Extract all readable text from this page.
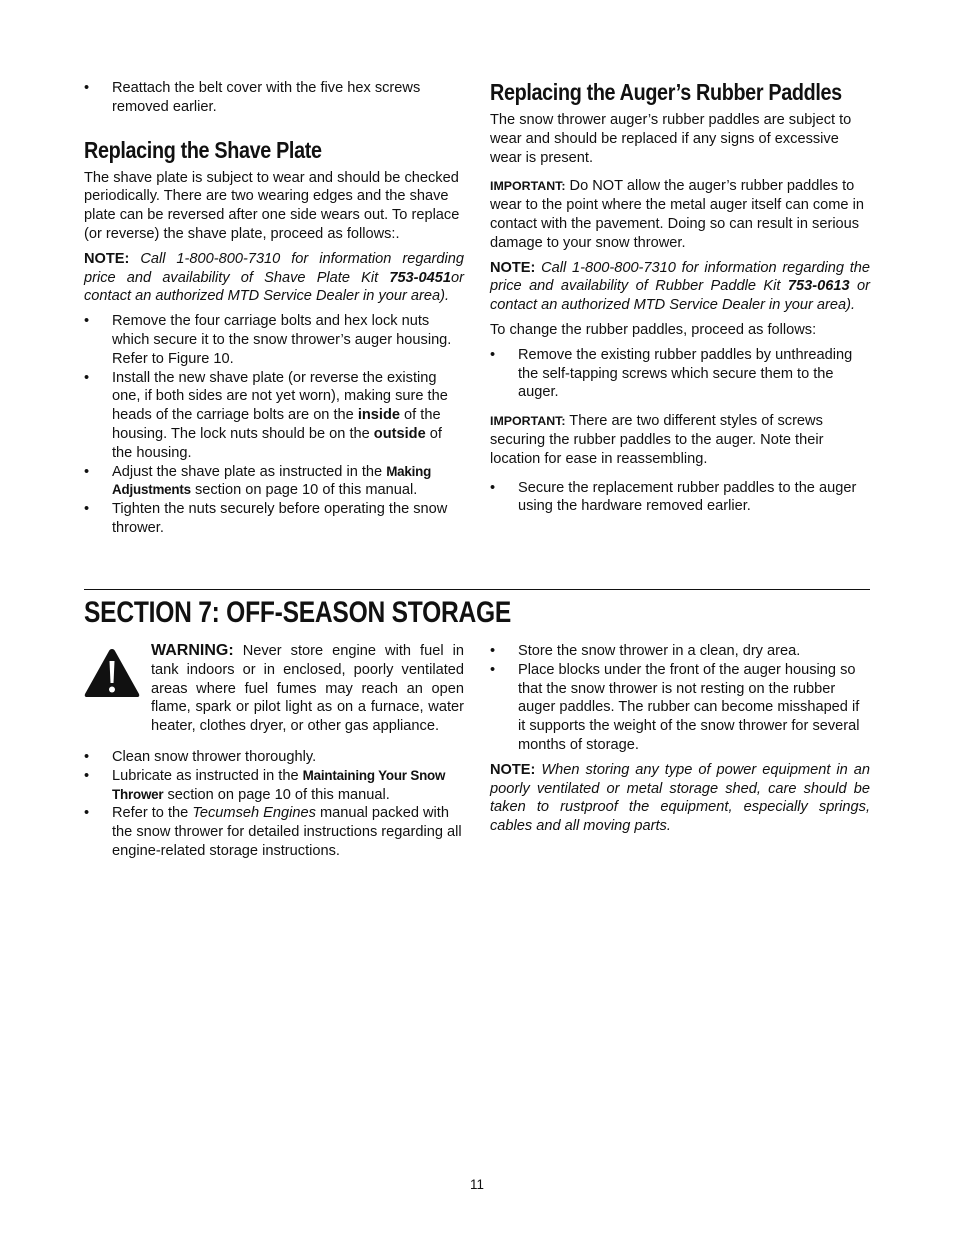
• Reattach the belt cover with the five hex screws removed earlier.
Replacing the Shave Plate

The shave plate is subject to wear and should be checked periodically. There are two wearing edges and the shave plate can be reversed after one side wears out. To replace (or reverse) the shave plate, proceed as follows:.

NOTE: Call 1-800-800-7310 for information regarding price and availability of Shave Plate Kit 753-0451or contact an authorized MTD Service Dealer in your area).

• Remove the four carriage bolts and hex lock nuts which secure it to the snow thrower’s auger housing. Refer to Figure 10.
• Install the new shave plate (or reverse the existing one, if both sides are not yet worn), making sure the heads of the carriage bolts are on the inside of the housing. The lock nuts should be on the outside of the housing.
• Adjust the shave plate as instructed in the Making Adjustments section on page 10 of this manual.
• Tighten the nuts securely before operating the snow thrower.
Replacing the Auger’s Rubber Paddles

The snow thrower auger’s rubber paddles are subject to wear and should be replaced if any signs of excessive wear is present.

IMPORTANT: Do NOT allow the auger’s rubber paddles to wear to the point where the metal auger itself can come in contact with the pavement. Doing so can result in serious damage to your snow thrower.

NOTE: Call 1-800-800-7310 for information regarding the price and availability of Rubber Paddle Kit 753-0613 or contact an authorized MTD Service Dealer in your area).

To change the rubber paddles, proceed as follows:

• Remove the existing rubber paddles by unthreading the self-tapping screws which secure them to the auger.

IMPORTANT: There are two different styles of screws securing the rubber paddles to the auger. Note their location for ease in reassembling.

• Secure the replacement rubber paddles to the auger using the hardware removed earlier.
SECTION 7: OFF-SEASON STORAGE

WARNING: Never store engine with fuel in tank indoors or in enclosed, poorly ventilated areas where fuel fumes may reach an open flame, spark or pilot light as on a furnace, water heater, clothes dryer, or other gas appliance.

• Clean snow thrower thoroughly.
• Lubricate as instructed in the Maintaining Your Snow Thrower section on page 10 of this manual.
• Refer to the Tecumseh Engines manual packed with the snow thrower for detailed instructions regarding all engine-related storage instructions.
• Store the snow thrower in a clean, dry area.
• Place blocks under the front of the auger housing so that the snow thrower is not resting on the rubber auger paddles. The rubber can become misshaped if it supports the weight of the snow thrower for several months of storage.

NOTE: When storing any type of power equipment in an poorly ventilated or metal storage shed, care should be taken to rustproof the equipment, especially springs, cables and all moving parts.

11
